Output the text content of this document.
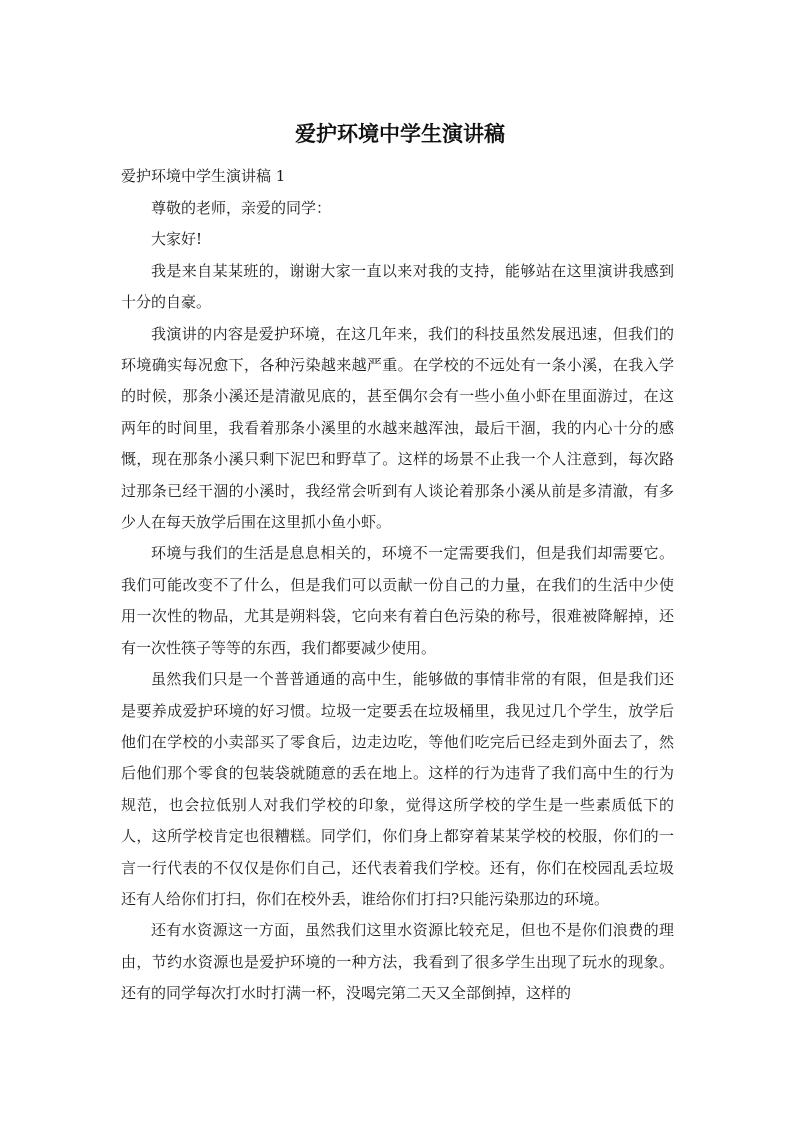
爱护环境中学生演讲稿
爱护环境中学生演讲稿 1

尊敬的老师，亲爱的同学：

大家好!

我是来自某某班的，谢谢大家一直以来对我的支持，能够站在这里演讲我感到十分的自豪。

我演讲的内容是爱护环境，在这几年来，我们的科技虽然发展迅速，但我们的环境确实每况愈下，各种污染越来越严重。在学校的不远处有一条小溪，在我入学的时候，那条小溪还是清澈见底的，甚至偶尔会有一些小鱼小虾在里面游过，在这两年的时间里，我看着那条小溪里的水越来越浑浊，最后干涸，我的内心十分的感慨，现在那条小溪只剩下泥巴和野草了。这样的场景不止我一个人注意到，每次路过那条已经干涸的小溪时，我经常会听到有人谈论着那条小溪从前是多清澈，有多少人在每天放学后围在这里抓小鱼小虾。

环境与我们的生活是息息相关的，环境不一定需要我们，但是我们却需要它。我们可能改变不了什么，但是我们可以贡献一份自己的力量，在我们的生活中少使用一次性的物品，尤其是朔料袋，它向来有着白色污染的称号，很难被降解掉，还有一次性筷子等等的东西，我们都要减少使用。

虽然我们只是一个普普通通的高中生，能够做的事情非常的有限，但是我们还是要养成爱护环境的好习惯。垃圾一定要丢在垃圾桶里，我见过几个学生，放学后他们在学校的小卖部买了零食后，边走边吃，等他们吃完后已经走到外面去了，然后他们那个零食的包装袋就随意的丢在地上。这样的行为违背了我们高中生的行为规范，也会拉低别人对我们学校的印象，觉得这所学校的学生是一些素质低下的人，这所学校肯定也很糟糕。同学们，你们身上都穿着某某学校的校服，你们的一言一行代表的不仅仅是你们自己，还代表着我们学校。还有，你们在校园乱丢垃圾还有人给你们打扫，你们在校外丢，谁给你们打扫?只能污染那边的环境。

还有水资源这一方面，虽然我们这里水资源比较充足，但也不是你们浪费的理由，节约水资源也是爱护环境的一种方法，我看到了很多学生出现了玩水的现象。还有的同学每次打水时打满一杯，没喝完第二天又全部倒掉，这样的
